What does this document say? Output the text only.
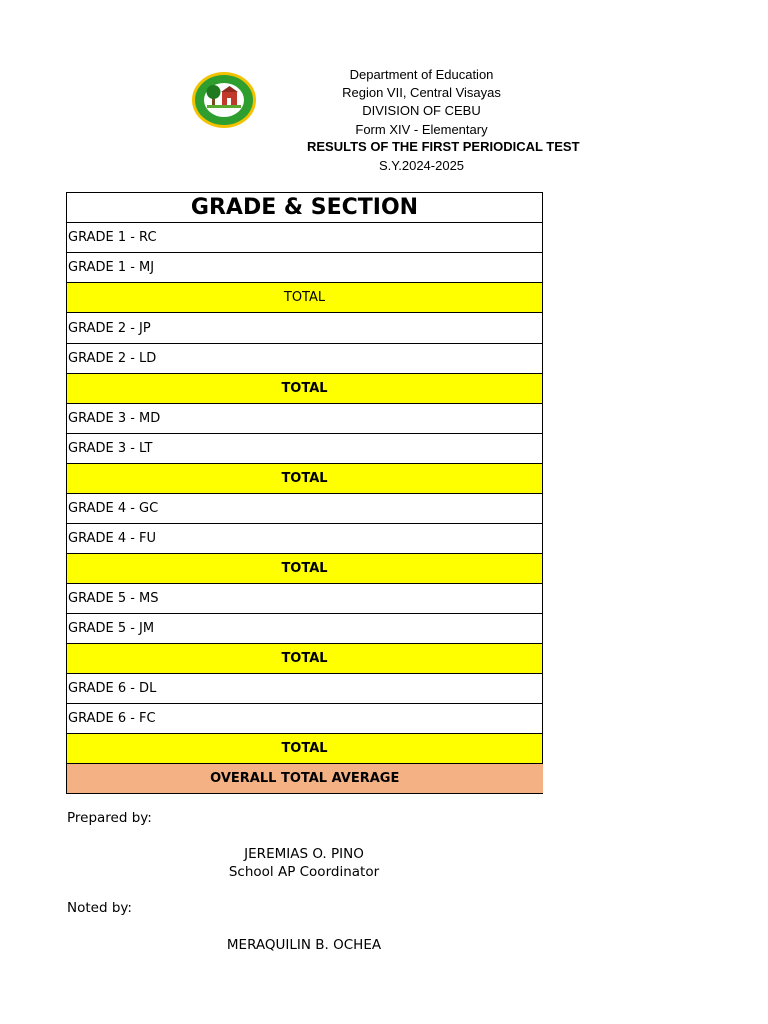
Department of Education
Region VII, Central Visayas
DIVISION OF CEBU
Form XIV - Elementary
RESULTS OF THE FIRST PERIODICAL TEST
S.Y.2024-2025
GRADE & SECTION
GRADE 1 - RC
GRADE 1 - MJ
TOTAL
GRADE 2 - JP
GRADE 2 - LD
TOTAL
GRADE 3 - MD
GRADE 3 - LT
TOTAL
GRADE 4 - GC
GRADE 4 - FU
TOTAL
GRADE 5 - MS
GRADE 5 - JM
TOTAL
GRADE 6 - DL
GRADE 6 - FC
TOTAL
OVERALL TOTAL AVERAGE
Prepared by:
JEREMIAS O. PINO
School AP Coordinator
Noted by:
MERAQUILIN B. OCHEA
